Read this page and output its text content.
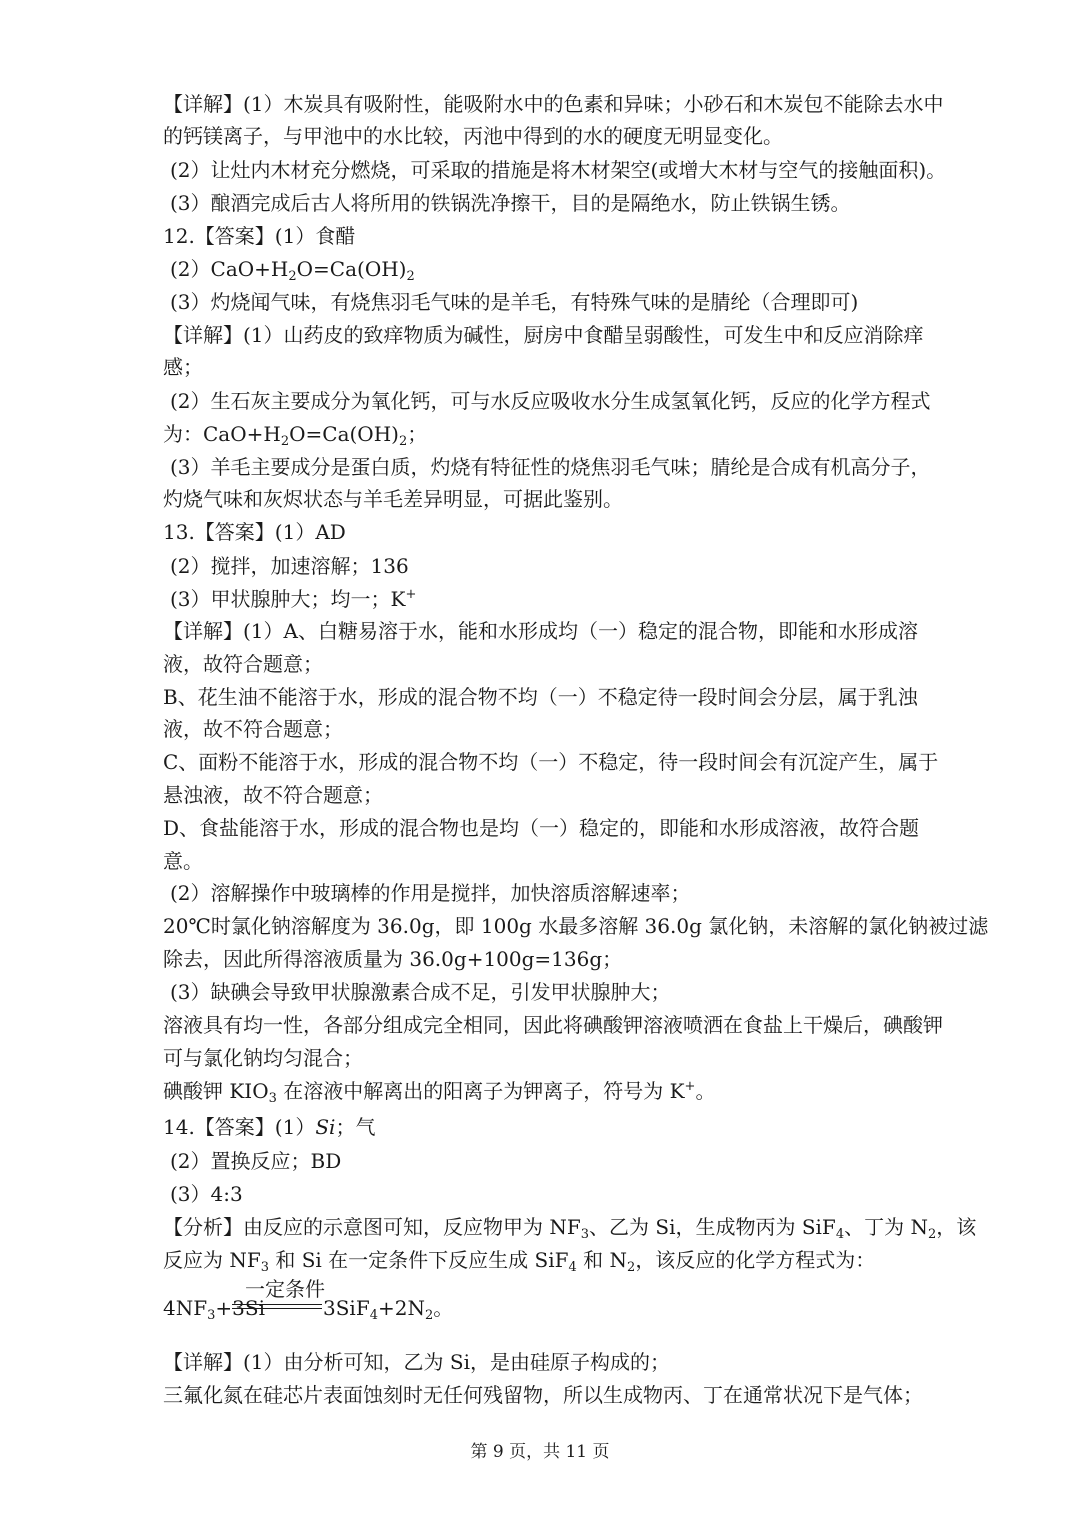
【详解】(1）木炭具有吸附性，能吸附水中的色素和异味；小砂石和木炭包不能除去水中
的钙镁离子，与甲池中的水比较，丙池中得到的水的硬度无明显变化。
(2）让灶内木材充分燃烧，可采取的措施是将木材架空(或增大木材与空气的接触面积)。
(3）酿酒完成后古人将所用的铁锅洗净擦干，目的是隔绝水，防止铁锅生锈。
12.【答案】(1）食醋
$(2)CaO+H_2O=Ca(OH)_2$
(3）灼烧闻气味，有烧焦羽毛气味的是羊毛，有特殊气味的是腈纶（合理即可)
【详解】(1）山药皮的致痒物质为碱性，厨房中食醋呈弱酸性，可发生中和反应消除痒
感；
(2）生石灰主要成分为氧化钙，可与水反应吸收水分生成氢氧化钙，反应的化学方程式
为：$CaO+H_2O=Ca(OH)_2$；
(3）羊毛主要成分是蛋白质，灼烧有特征性的烧焦羽毛气味；腈纶是合成有机高分子，
灼烧气味和灰烬状态与羊毛差异明显，可据此鉴别。
13.【答案】(1）AD
(2）搅拌，加速溶解；136
(3）甲状腺肿大；均一；K+
【详解】(1）A、白糖易溶于水，能和水形成均（一）稳定的混合物，即能和水形成溶
液，故符合题意；
B、花生油不能溶于水，形成的混合物不均（一）不稳定待一段时间会分层，属于乳浊
液，故不符合题意；
C、面粉不能溶于水，形成的混合物不均（一）不稳定，待一段时间会有沉淀产生，属于
悬浊液，故不符合题意；
D、食盐能溶于水，形成的混合物也是均（一）稳定的，即能和水形成溶液，故符合题
意。
(2）溶解操作中玻璃棒的作用是搅拌，加快溶质溶解速率；
20℃时氯化钠溶解度为 36.0g，即 100g 水最多溶解 36.0g 氯化钠，未溶解的氯化钠被过滤
除去，因此所得溶液质量为 36.0g+100g=136g；
(3）缺碘会导致甲状腺激素合成不足，引发甲状腺肿大；
溶液具有均一性，各部分组成完全相同，因此将碘酸钾溶液喷洒在食盐上干燥后，碘酸钾
可与氯化钠均匀混合；
碘酸钾 $KIO_3$ 在溶液中解离出的阳离子为钾离子，符号为 K+。
14.【答案】(1）Si；气
(2）置换反应；BD
(3）4:3
【分析】由反应的示意图可知，反应物甲为 $NF_3$、乙为 Si，生成物丙为 SiF$_4$、丁为 $N_2$，该
反应为 $NF_3$ 和 Si 在一定条件下反应生成 SiF$_4$ 和 $N_2$，该反应的化学方程式为：
一定条件
$4NF_3+3Si$	$3SiF_4+2N_2$。
【详解】(1）由分析可知，乙为 Si，是由硅原子构成的；
三氟化氮在硅芯片表面蚀刻时无任何残留物，所以生成物丙、丁在通常状况下是气体；
第 9 页，共 11 页
